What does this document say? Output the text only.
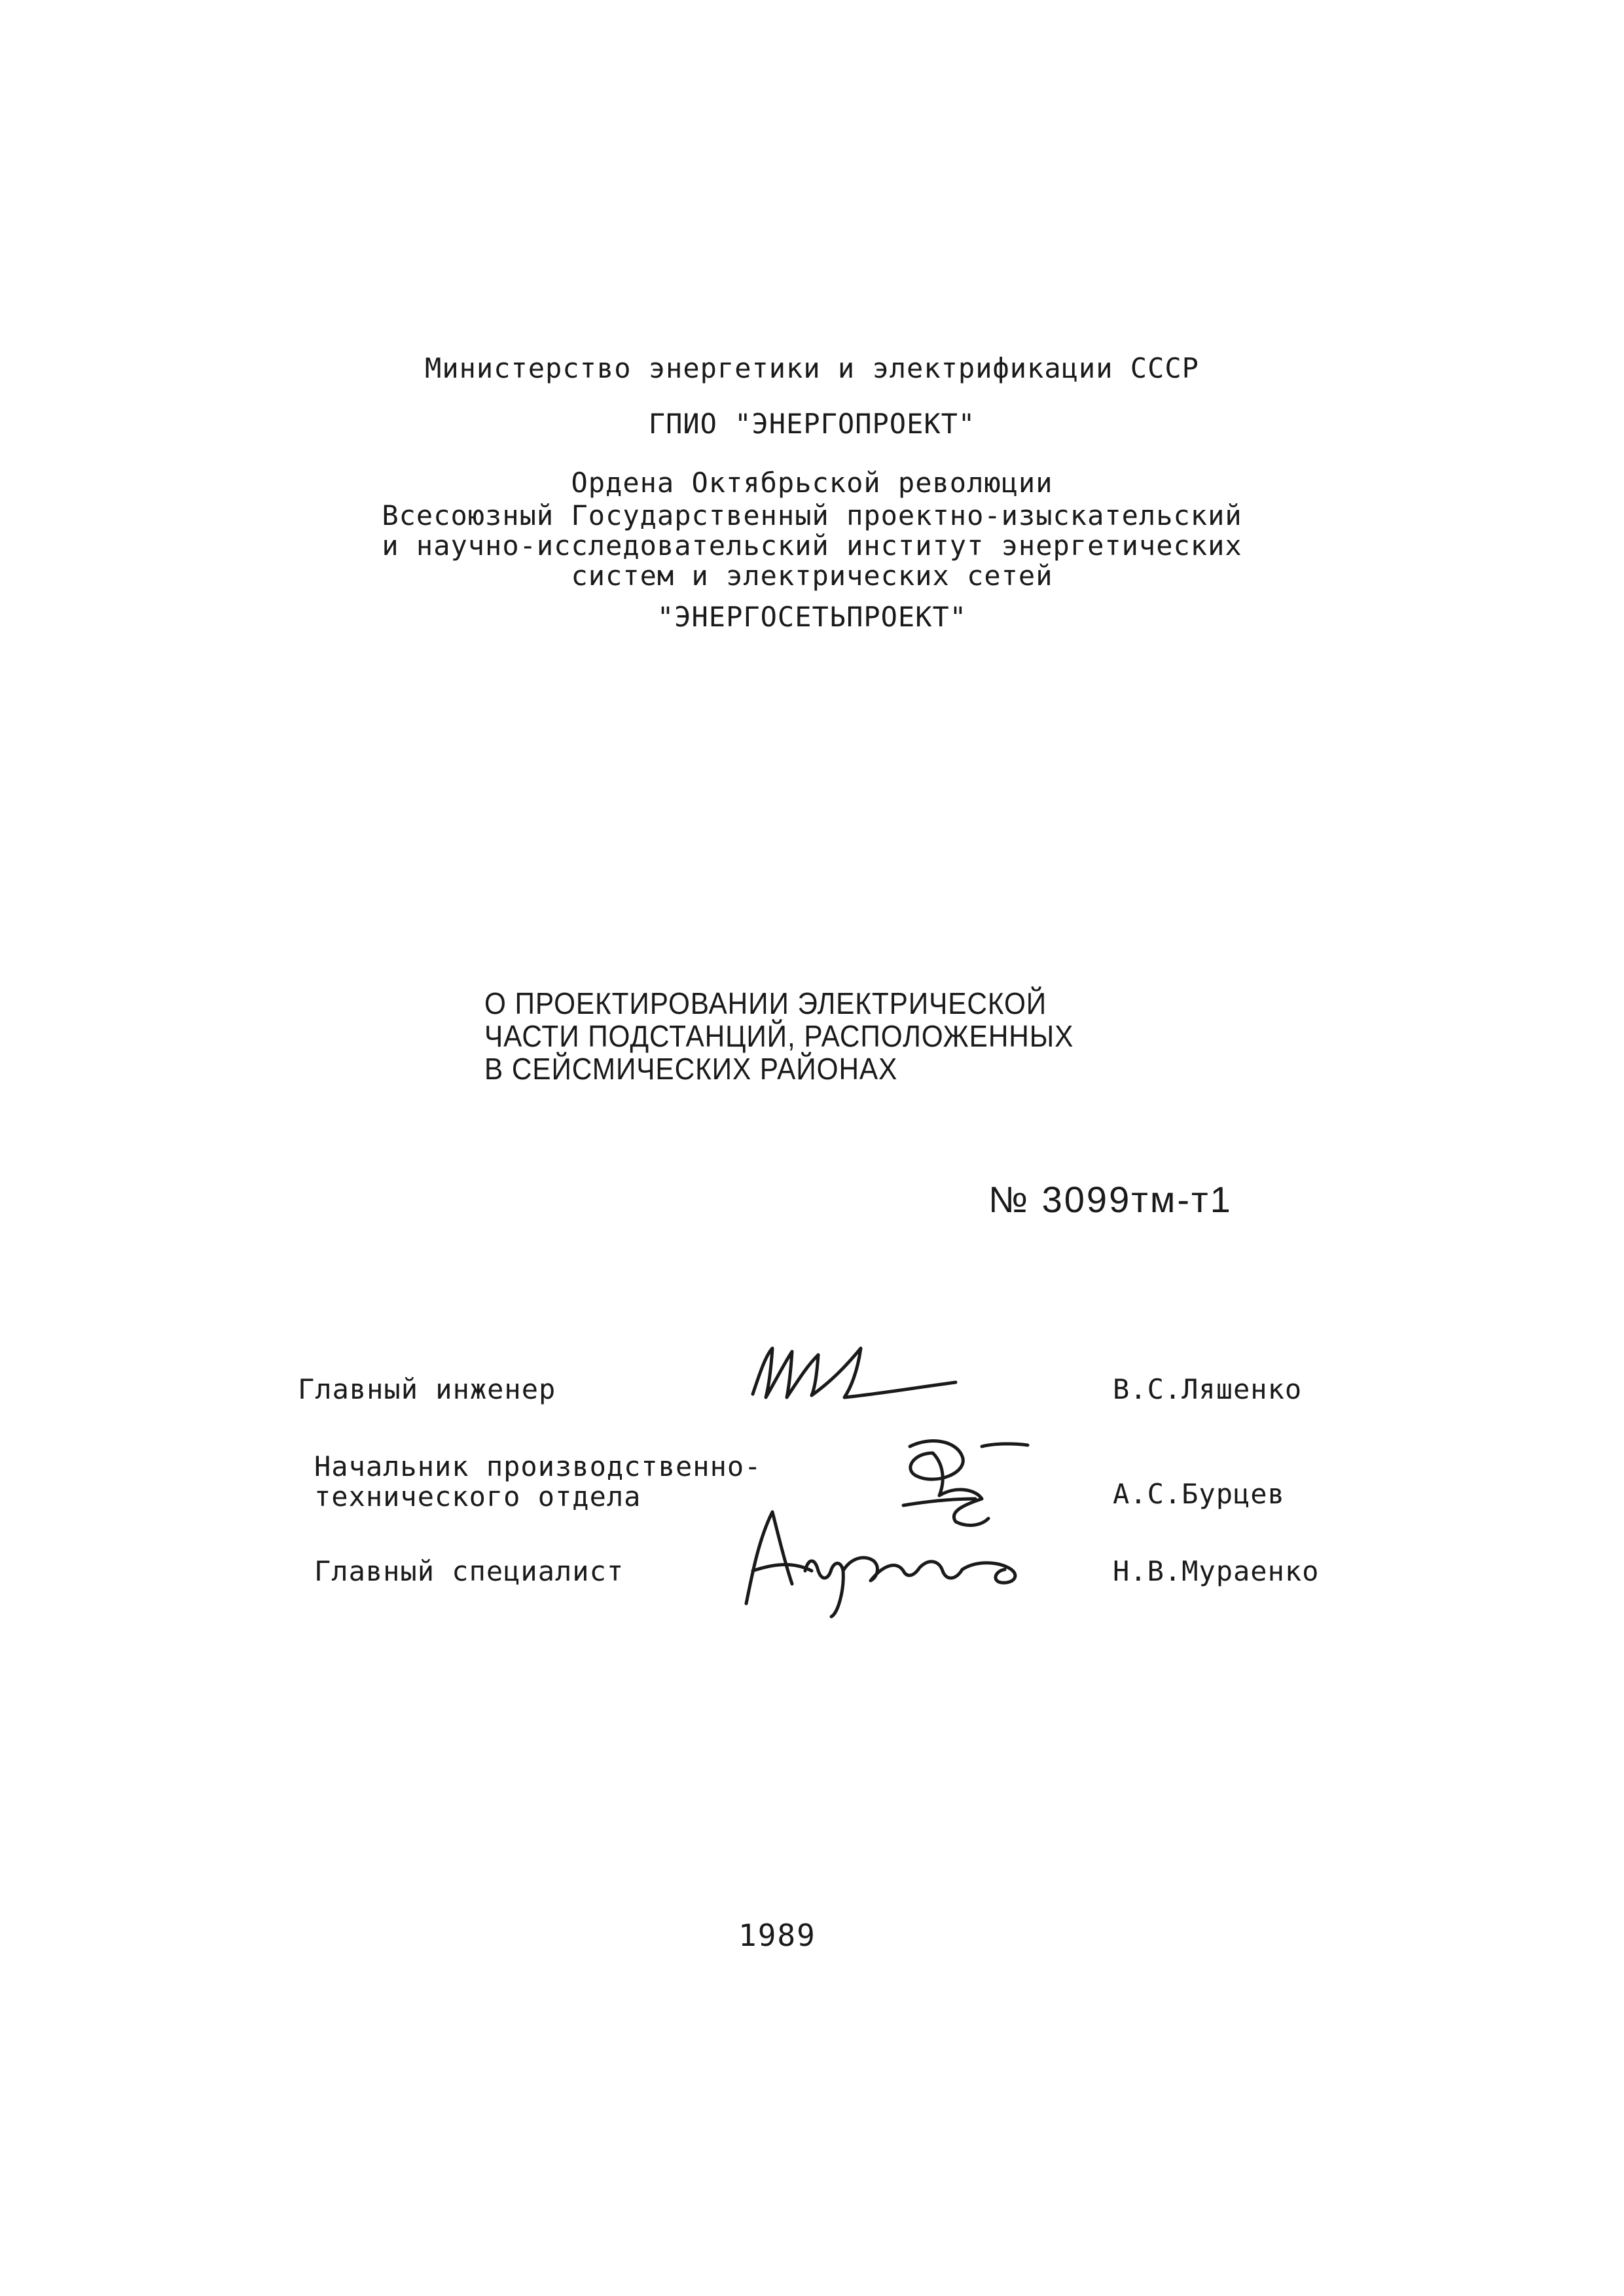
Министерство энергетики и электрификации СССР
ГПИО "ЭНЕРГОПРОЕКТ"
Ордена Октябрьской революции
Всесоюзный Государственный проектно-изыскательский
и научно-исследовательский институт энергетических
систем и электрических сетей
"ЭНЕРГОСЕТЬПРОЕКТ"
О ПРОЕКТИРОВАНИИ ЭЛЕКТРИЧЕСКОЙ
ЧАСТИ ПОДСТАНЦИЙ, РАСПОЛОЖЕННЫХ
В СЕЙСМИЧЕСКИХ РАЙОНАХ
№ 3099тм-т1
Главный инженер	В.С.Ляшенко
Начальник производственно-
технического отдела	А.С.Бурцев
Главный специалист	Н.В.Мураенко
1989
